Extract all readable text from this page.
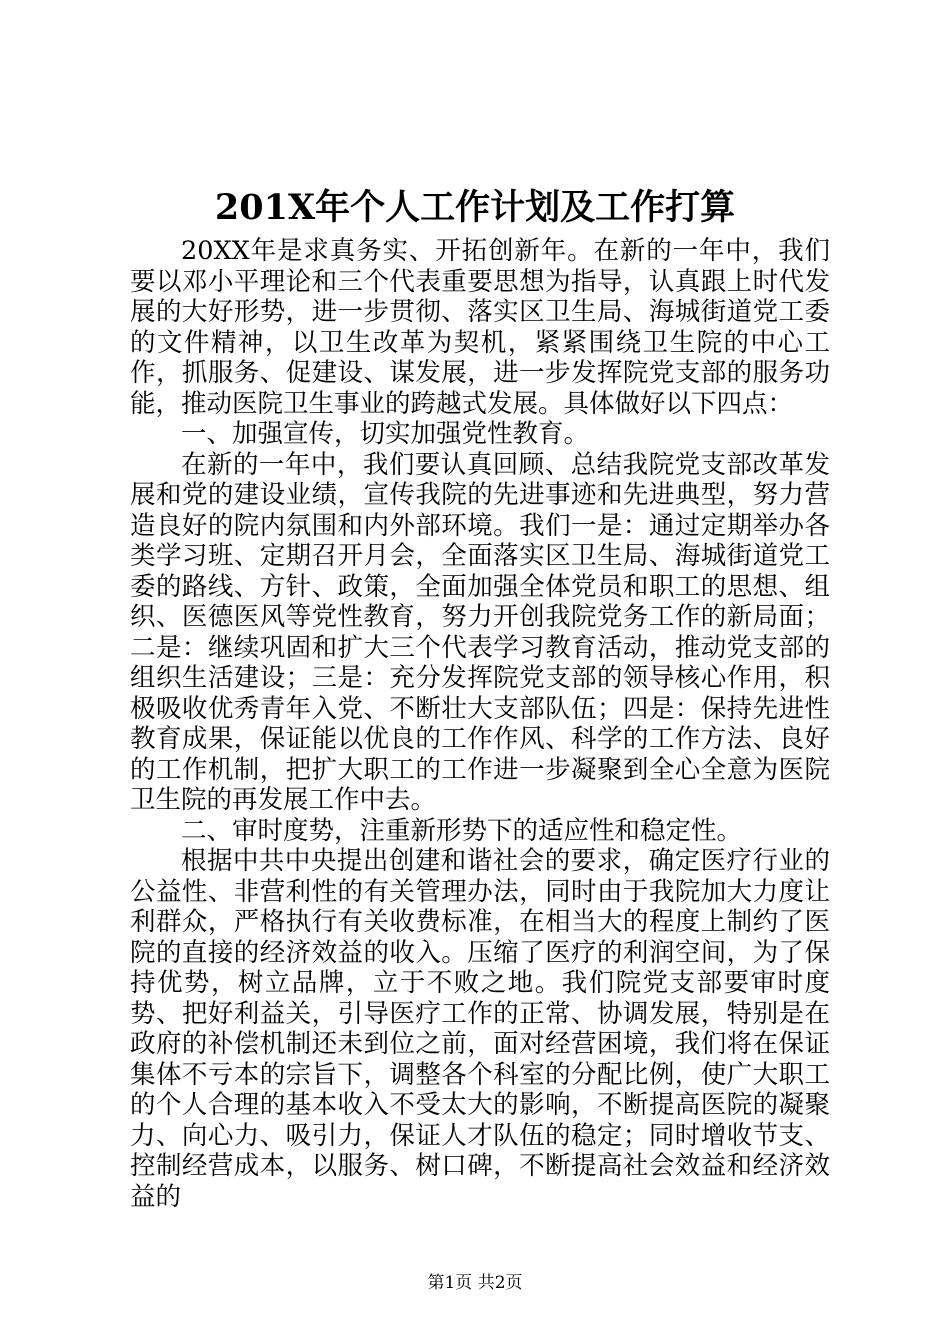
201X年个人工作计划及工作打算

20XX年是求真务实、开拓创新年。在新的一年中，我们要以邓小平理论和三个代表重要思想为指导，认真跟上时代发展的大好形势，进一步贯彻、落实区卫生局、海城街道党工委的文件精神，以卫生改革为契机，紧紧围绕卫生院的中心工作，抓服务、促建设、谋发展，进一步发挥院党支部的服务功能，推动医院卫生事业的跨越式发展。具体做好以下四点：

一、加强宣传，切实加强党性教育。

在新的一年中，我们要认真回顾、总结我院党支部改革发展和党的建设业绩，宣传我院的先进事迹和先进典型，努力营造良好的院内氛围和内外部环境。我们一是：通过定期举办各类学习班、定期召开月会，全面落实区卫生局、海城街道党工委的路线、方针、政策，全面加强全体党员和职工的思想、组织、医德医风等党性教育，努力开创我院党务工作的新局面；二是：继续巩固和扩大三个代表学习教育活动，推动党支部的组织生活建设；三是：充分发挥院党支部的领导核心作用，积极吸收优秀青年入党、不断壮大支部队伍；四是：保持先进性教育成果，保证能以优良的工作作风、科学的工作方法、良好的工作机制，把扩大职工的工作进一步凝聚到全心全意为医院卫生院的再发展工作中去。

二、审时度势，注重新形势下的适应性和稳定性。

根据中共中央提出创建和谐社会的要求，确定医疗行业的公益性、非营利性的有关管理办法，同时由于我院加大力度让利群众，严格执行有关收费标准，在相当大的程度上制约了医院的直接的经济效益的收入。压缩了医疗的利润空间，为了保持优势，树立品牌，立于不败之地。我们院党支部要审时度势、把好利益关，引导医疗工作的正常、协调发展，特别是在政府的补偿机制还未到位之前，面对经营困境，我们将在保证集体不亏本的宗旨下，调整各个科室的分配比例，使广大职工的个人合理的基本收入不受太大的影响，不断提高医院的凝聚力、向心力、吸引力，保证人才队伍的稳定；同时增收节支、控制经营成本，以服务、树口碑，不断提高社会效益和经济效益的

第1页 共2页
